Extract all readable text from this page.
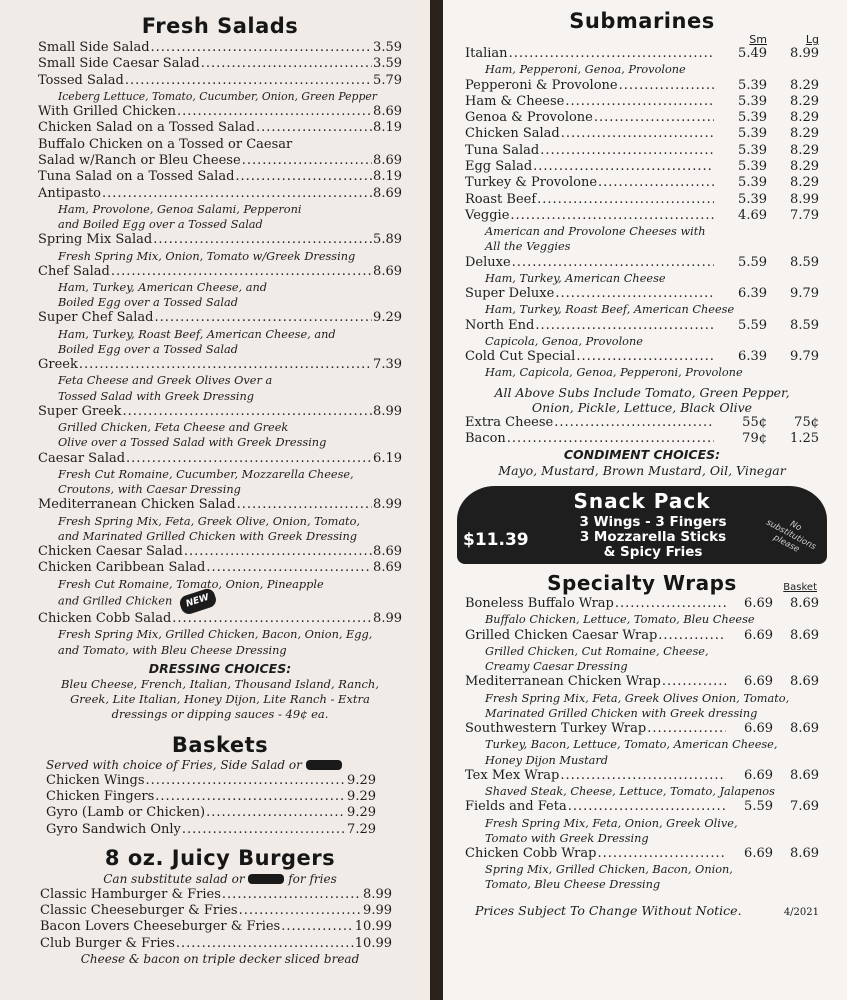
Fresh Salads
Small Side Salad .....	3.59
Small Side Caesar Salad .....	3.59
Tossed Salad .....	5.79
Iceberg Lettuce, Tomato, Cucumber, Onion, Green Pepper
With Grilled Chicken .....	8.69
Chicken Salad on a Tossed Salad .....	8.19
Buffalo Chicken on a Tossed or Caesar
Salad w/Ranch or Bleu Cheese .....	8.69
Tuna Salad on a Tossed Salad .....	8.19
Antipasto .....	8.69
Ham, Provolone, Genoa Salami, Pepperoni
and Boiled Egg over a Tossed Salad
Spring Mix Salad .....	5.89
Fresh Spring Mix, Onion, Tomato w/Greek Dressing
Chef Salad .....	8.69
Ham, Turkey, American Cheese, and
Boiled Egg over a Tossed Salad
Super Chef Salad .....	9.29
Ham, Turkey, Roast Beef, American Cheese, and
Boiled Egg over a Tossed Salad
Greek .....	7.39
Feta Cheese and Greek Olives Over a
Tossed Salad with Greek Dressing
Super Greek .....	8.99
Grilled Chicken, Feta Cheese and Greek
Olive over a Tossed Salad with Greek Dressing
Caesar Salad .....	6.19
Fresh Cut Romaine, Cucumber, Mozzarella Cheese,
Croutons, with Caesar Dressing
Mediterranean Chicken Salad .....	8.99
Fresh Spring Mix, Feta, Greek Olive, Onion, Tomato,
and Marinated Grilled Chicken with Greek Dressing
Chicken Caesar Salad .....	8.69
Chicken Caribbean Salad .....	8.69
Fresh Cut Romaine, Tomato, Onion, Pineapple
and Grilled Chicken NEW
Chicken Cobb Salad .....	8.99
Fresh Spring Mix, Grilled Chicken, Bacon, Onion, Egg,
and Tomato, with Bleu Cheese Dressing
DRESSING CHOICES:
Bleu Cheese, French, Italian, Thousand Island, Ranch,
Greek, Lite Italian, Honey Dijon, Lite Ranch - Extra
dressings or dipping sauces - 49¢ ea.
Baskets
Served with choice of Fries, Side Salad or
Chicken Wings .....	9.29
Chicken Fingers .....	9.29
Gyro (Lamb or Chicken) .....	9.29
Gyro Sandwich Only .....	7.29
8 oz. Juicy Burgers
Can substitute salad or	for fries
Classic Hamburger & Fries .....	8.99
Classic Cheeseburger & Fries .....	9.99
Bacon Lovers Cheeseburger & Fries .....	10.99
Club Burger & Fries .....	10.99
Cheese & bacon on triple decker sliced bread
Submarines
Sm	Lg
Italian .....	5.49	8.99
Ham, Pepperoni, Genoa, Provolone
Pepperoni & Provolone .....	5.39	8.29
Ham & Cheese .....	5.39	8.29
Genoa & Provolone .....	5.39	8.29
Chicken Salad .....	5.39	8.29
Tuna Salad .....	5.39	8.29
Egg Salad .....	5.39	8.29
Turkey & Provolone .....	5.39	8.29
Roast Beef .....	5.39	8.99
Veggie .....	4.69	7.79
American and Provolone Cheeses with
All the Veggies
Deluxe .....	5.59	8.59
Ham, Turkey, American Cheese
Super Deluxe .....	6.39	9.79
Ham, Turkey, Roast Beef, American Cheese
North End .....	5.59	8.59
Capicola, Genoa, Provolone
Cold Cut Special .....	6.39	9.79
Ham, Capicola, Genoa, Pepperoni, Provolone
All Above Subs Include Tomato, Green Pepper,
Onion, Pickle, Lettuce, Black Olive
Extra Cheese .....	55¢	75¢
Bacon .....	79¢	1.25
CONDIMENT CHOICES:
Mayo, Mustard, Brown Mustard, Oil, Vinegar
Snack Pack
$11.39
3 Wings - 3 Fingers
3 Mozzarella Sticks
& Spicy Fries
No substitutions please
Specialty Wraps	Basket
Boneless Buffalo Wrap .....	6.69	8.69
Buffalo Chicken, Lettuce, Tomato, Bleu Cheese
Grilled Chicken Caesar Wrap .....	6.69	8.69
Grilled Chicken, Cut Romaine, Cheese,
Creamy Caesar Dressing
Mediterranean Chicken Wrap .....	6.69	8.69
Fresh Spring Mix, Feta, Greek Olives Onion, Tomato,
Marinated Grilled Chicken with Greek dressing
Southwestern Turkey Wrap .....	6.69	8.69
Turkey, Bacon, Lettuce, Tomato, American Cheese,
Honey Dijon Mustard
Tex Mex Wrap .....	6.69	8.69
Shaved Steak, Cheese, Lettuce, Tomato, Jalapenos
Fields and Feta .....	5.59	7.69
Fresh Spring Mix, Feta, Onion, Greek Olive,
Tomato with Greek Dressing
Chicken Cobb Wrap .....	6.69	8.69
Spring Mix, Grilled Chicken, Bacon, Onion,
Tomato, Bleu Cheese Dressing
Prices Subject To Change Without Notice.	4/2021
